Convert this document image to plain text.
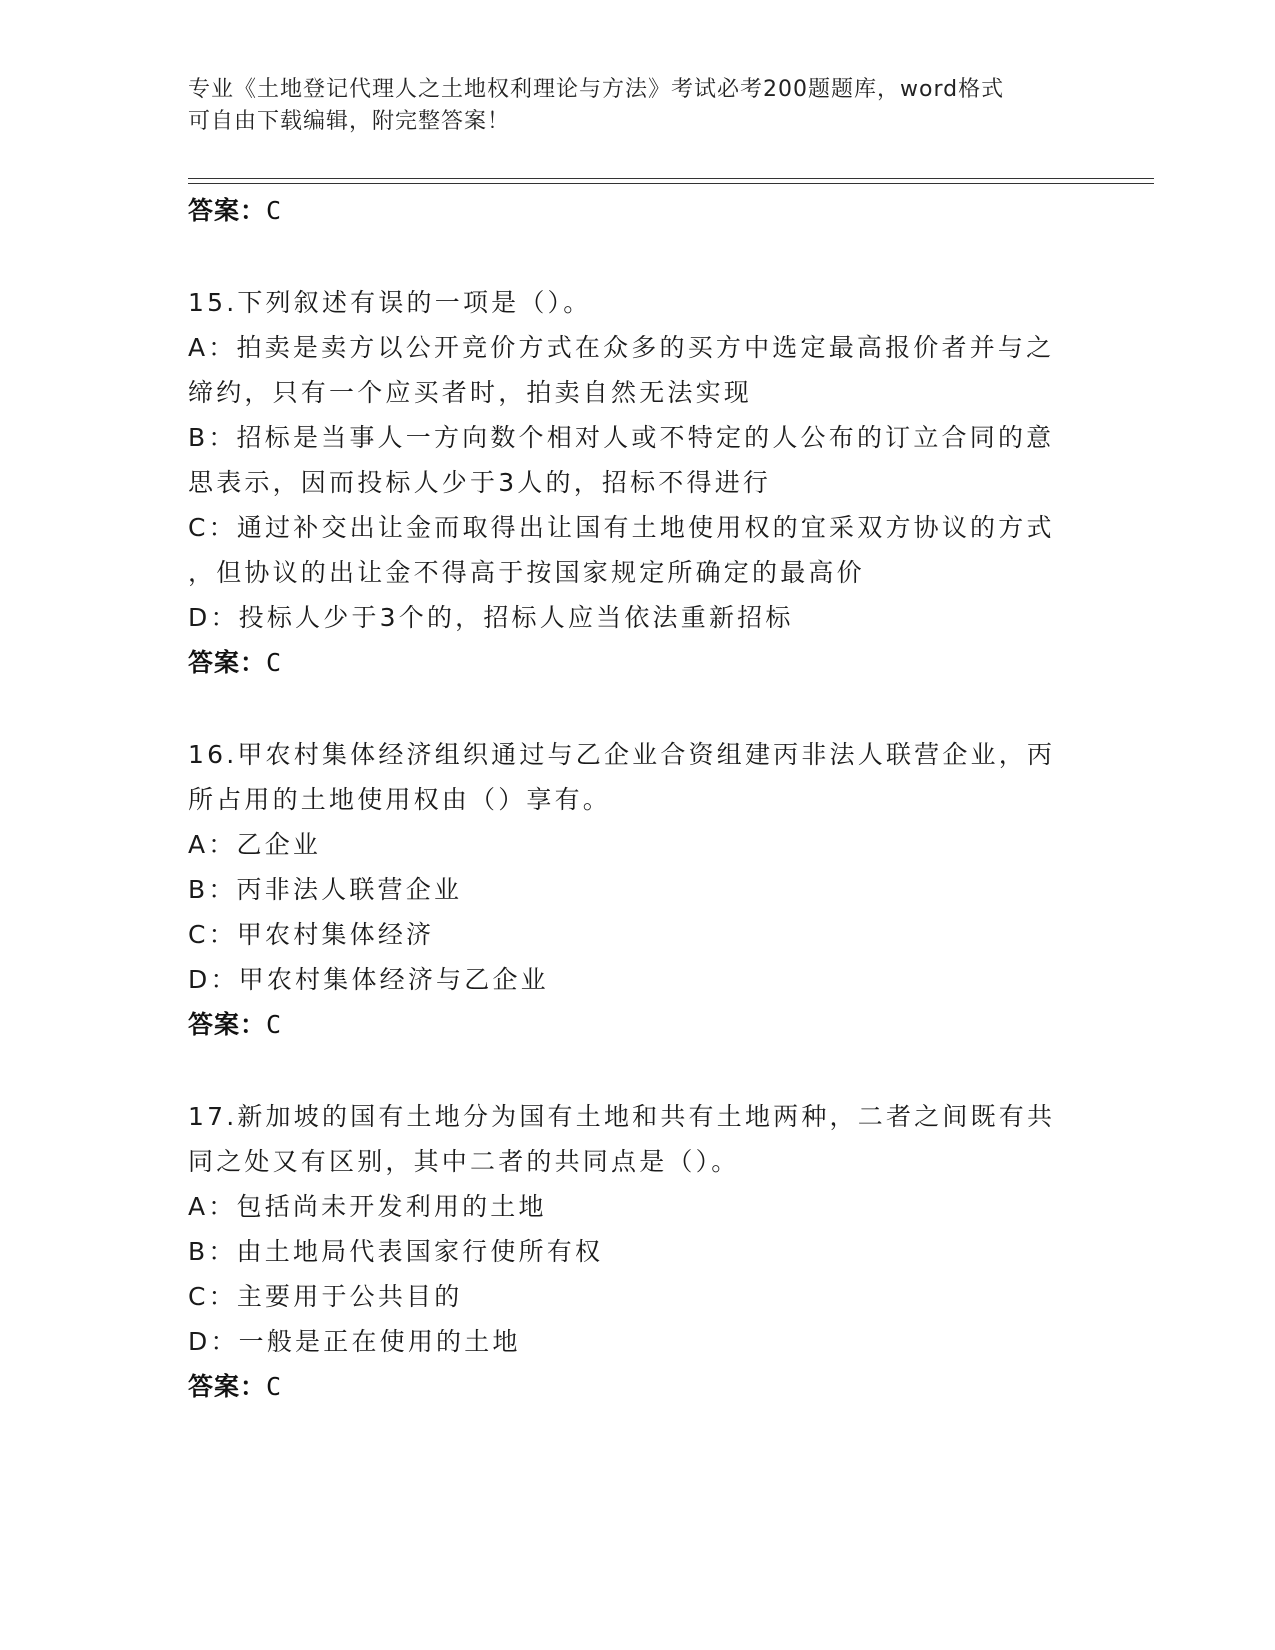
专业《土地登记代理人之土地权利理论与方法》考试必考200题题库，word格式
可自由下载编辑，附完整答案！
答案：C
15.下列叙述有误的一项是（）。
A：拍卖是卖方以公开竞价方式在众多的买方中选定最高报价者并与之
缔约，只有一个应买者时，拍卖自然无法实现
B：招标是当事人一方向数个相对人或不特定的人公布的订立合同的意
思表示，因而投标人少于3人的，招标不得进行
C：通过补交出让金而取得出让国有土地使用权的宜采双方协议的方式
，但协议的出让金不得高于按国家规定所确定的最高价
D：投标人少于3个的，招标人应当依法重新招标
答案：C
16.甲农村集体经济组织通过与乙企业合资组建丙非法人联营企业，丙
所占用的土地使用权由（）享有。
A：乙企业
B：丙非法人联营企业
C：甲农村集体经济
D：甲农村集体经济与乙企业
答案：C
17.新加坡的国有土地分为国有土地和共有土地两种，二者之间既有共
同之处又有区别，其中二者的共同点是（）。
A：包括尚未开发利用的土地
B：由土地局代表国家行使所有权
C：主要用于公共目的
D：一般是正在使用的土地
答案：C
